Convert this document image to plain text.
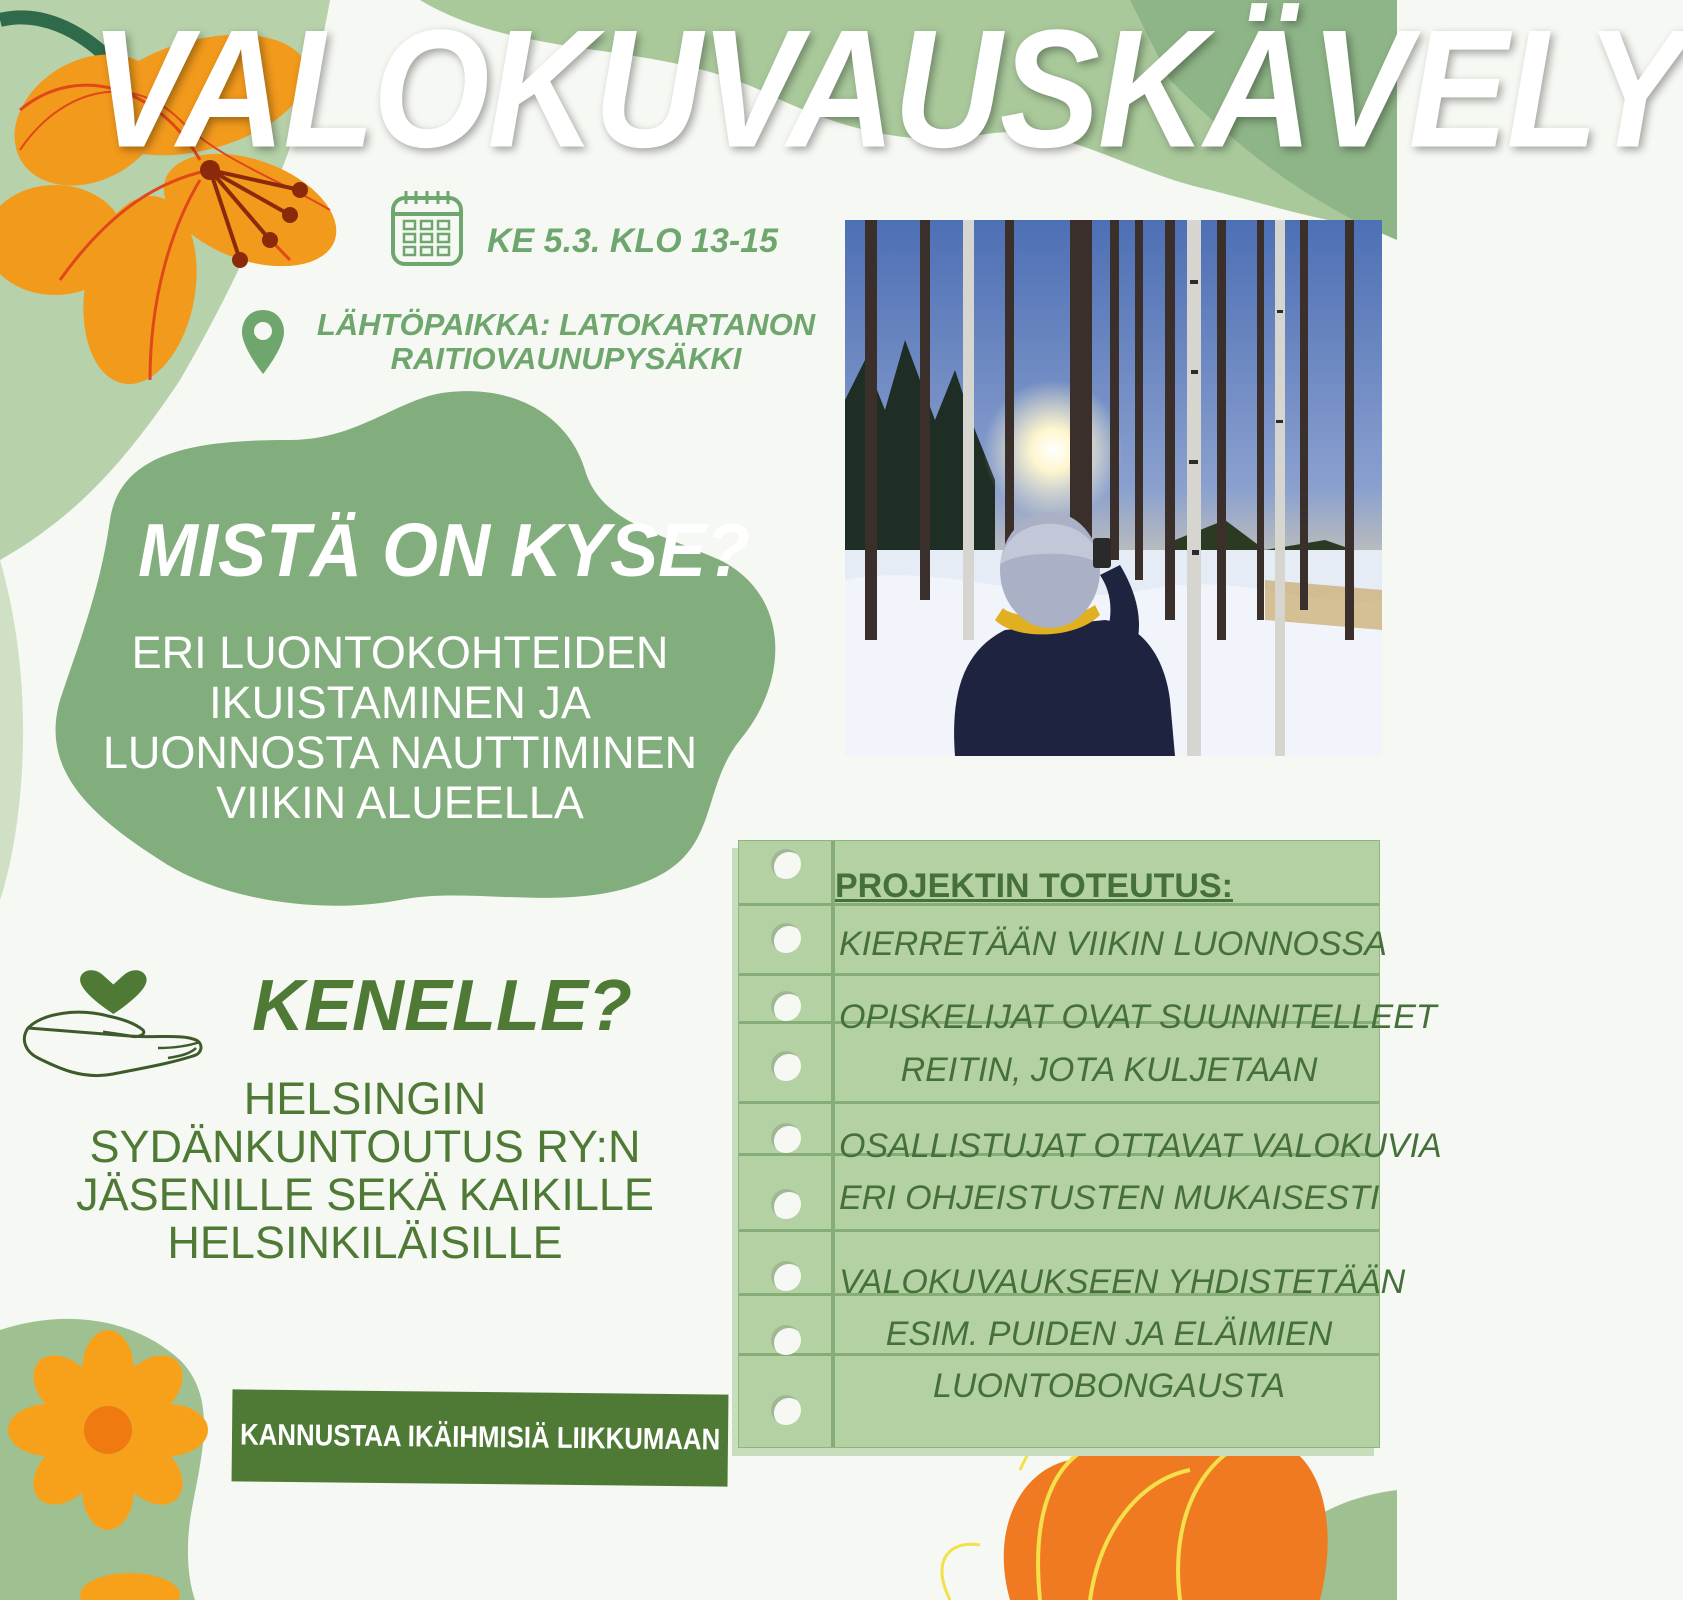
VALOKUVAUSKÄVELY
KE 5.3. KLO 13-15
LÄHTÖPAIKKA: LATOKARTANON
RAITIOVAUNUPYSÄKKI
MISTÄ ON KYSE?
ERI LUONTOKOHTEIDEN
IKUISTAMINEN JA
LUONNOSTA NAUTTIMINEN
VIIKIN ALUEELLA
KENELLE?
HELSINGIN
SYDÄNKUNTOUTUS RY:N
JÄSENILLE SEKÄ KAIKILLE
HELSINKILÄISILLE
KANNUSTAA IKÄIHMISIÄ LIIKKUMAAN
PROJEKTIN TOTEUTUS:
KIERRETÄÄN VIIKIN LUONNOSSA
OPISKELIJAT OVAT SUUNNITELLEET
REITIN, JOTA KULJETAAN
OSALLISTUJAT OTTAVAT VALOKUVIA
ERI OHJEISTUSTEN MUKAISESTI
VALOKUVAUKSEEN YHDISTETÄÄN
ESIM. PUIDEN JA ELÄIMIEN
LUONTOBONGAUSTA
